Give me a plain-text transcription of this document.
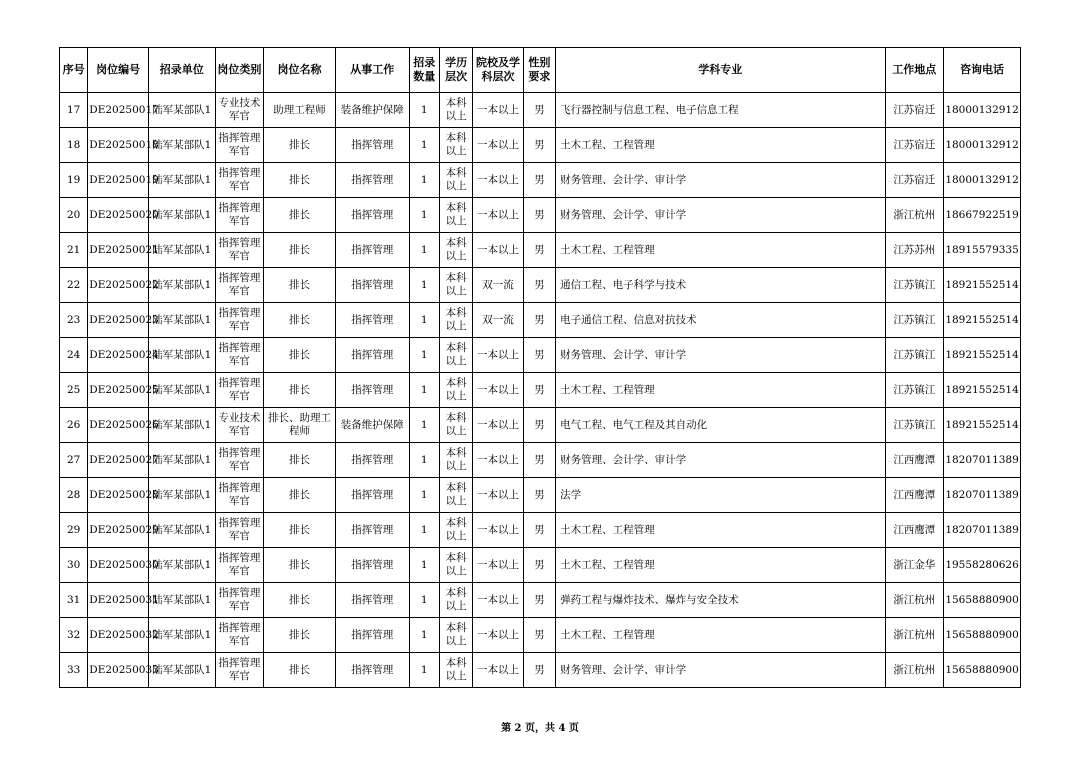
序号	岗位编号	招录单位	岗位类别	岗位名称	从事工作	招录数量	学历层次	院校及学科层次	性别要求	学科专业	工作地点	咨询电话
17	DE20250017	陆军某部队1	专业技术军官	助理工程师	装备维护保障	1	本科以上	一本以上	男	飞行器控制与信息工程、电子信息工程	江苏宿迁	18000132912
18	DE20250018	陆军某部队1	指挥管理军官	排长	指挥管理	1	本科以上	一本以上	男	土木工程、工程管理	江苏宿迁	18000132912
19	DE20250019	陆军某部队1	指挥管理军官	排长	指挥管理	1	本科以上	一本以上	男	财务管理、会计学、审计学	江苏宿迁	18000132912
20	DE20250020	陆军某部队1	指挥管理军官	排长	指挥管理	1	本科以上	一本以上	男	财务管理、会计学、审计学	浙江杭州	18667922519
21	DE20250021	陆军某部队1	指挥管理军官	排长	指挥管理	1	本科以上	一本以上	男	土木工程、工程管理	江苏苏州	18915579335
22	DE20250022	陆军某部队1	指挥管理军官	排长	指挥管理	1	本科以上	双一流	男	通信工程、电子科学与技术	江苏镇江	18921552514
23	DE20250023	陆军某部队1	指挥管理军官	排长	指挥管理	1	本科以上	双一流	男	电子通信工程、信息对抗技术	江苏镇江	18921552514
24	DE20250024	陆军某部队1	指挥管理军官	排长	指挥管理	1	本科以上	一本以上	男	财务管理、会计学、审计学	江苏镇江	18921552514
25	DE20250025	陆军某部队1	指挥管理军官	排长	指挥管理	1	本科以上	一本以上	男	土木工程、工程管理	江苏镇江	18921552514
26	DE20250026	陆军某部队1	专业技术军官	排长、助理工程师	装备维护保障	1	本科以上	一本以上	男	电气工程、电气工程及其自动化	江苏镇江	18921552514
27	DE20250027	陆军某部队1	指挥管理军官	排长	指挥管理	1	本科以上	一本以上	男	财务管理、会计学、审计学	江西鹰潭	18207011389
28	DE20250028	陆军某部队1	指挥管理军官	排长	指挥管理	1	本科以上	一本以上	男	法学	江西鹰潭	18207011389
29	DE20250029	陆军某部队1	指挥管理军官	排长	指挥管理	1	本科以上	一本以上	男	土木工程、工程管理	江西鹰潭	18207011389
30	DE20250030	陆军某部队1	指挥管理军官	排长	指挥管理	1	本科以上	一本以上	男	土木工程、工程管理	浙江金华	19558280626
31	DE20250031	陆军某部队1	指挥管理军官	排长	指挥管理	1	本科以上	一本以上	男	弹药工程与爆炸技术、爆炸与安全技术	浙江杭州	15658880900
32	DE20250032	陆军某部队1	指挥管理军官	排长	指挥管理	1	本科以上	一本以上	男	土木工程、工程管理	浙江杭州	15658880900
33	DE20250033	陆军某部队1	指挥管理军官	排长	指挥管理	1	本科以上	一本以上	男	财务管理、会计学、审计学	浙江杭州	15658880900
第 2 页，共 4 页
